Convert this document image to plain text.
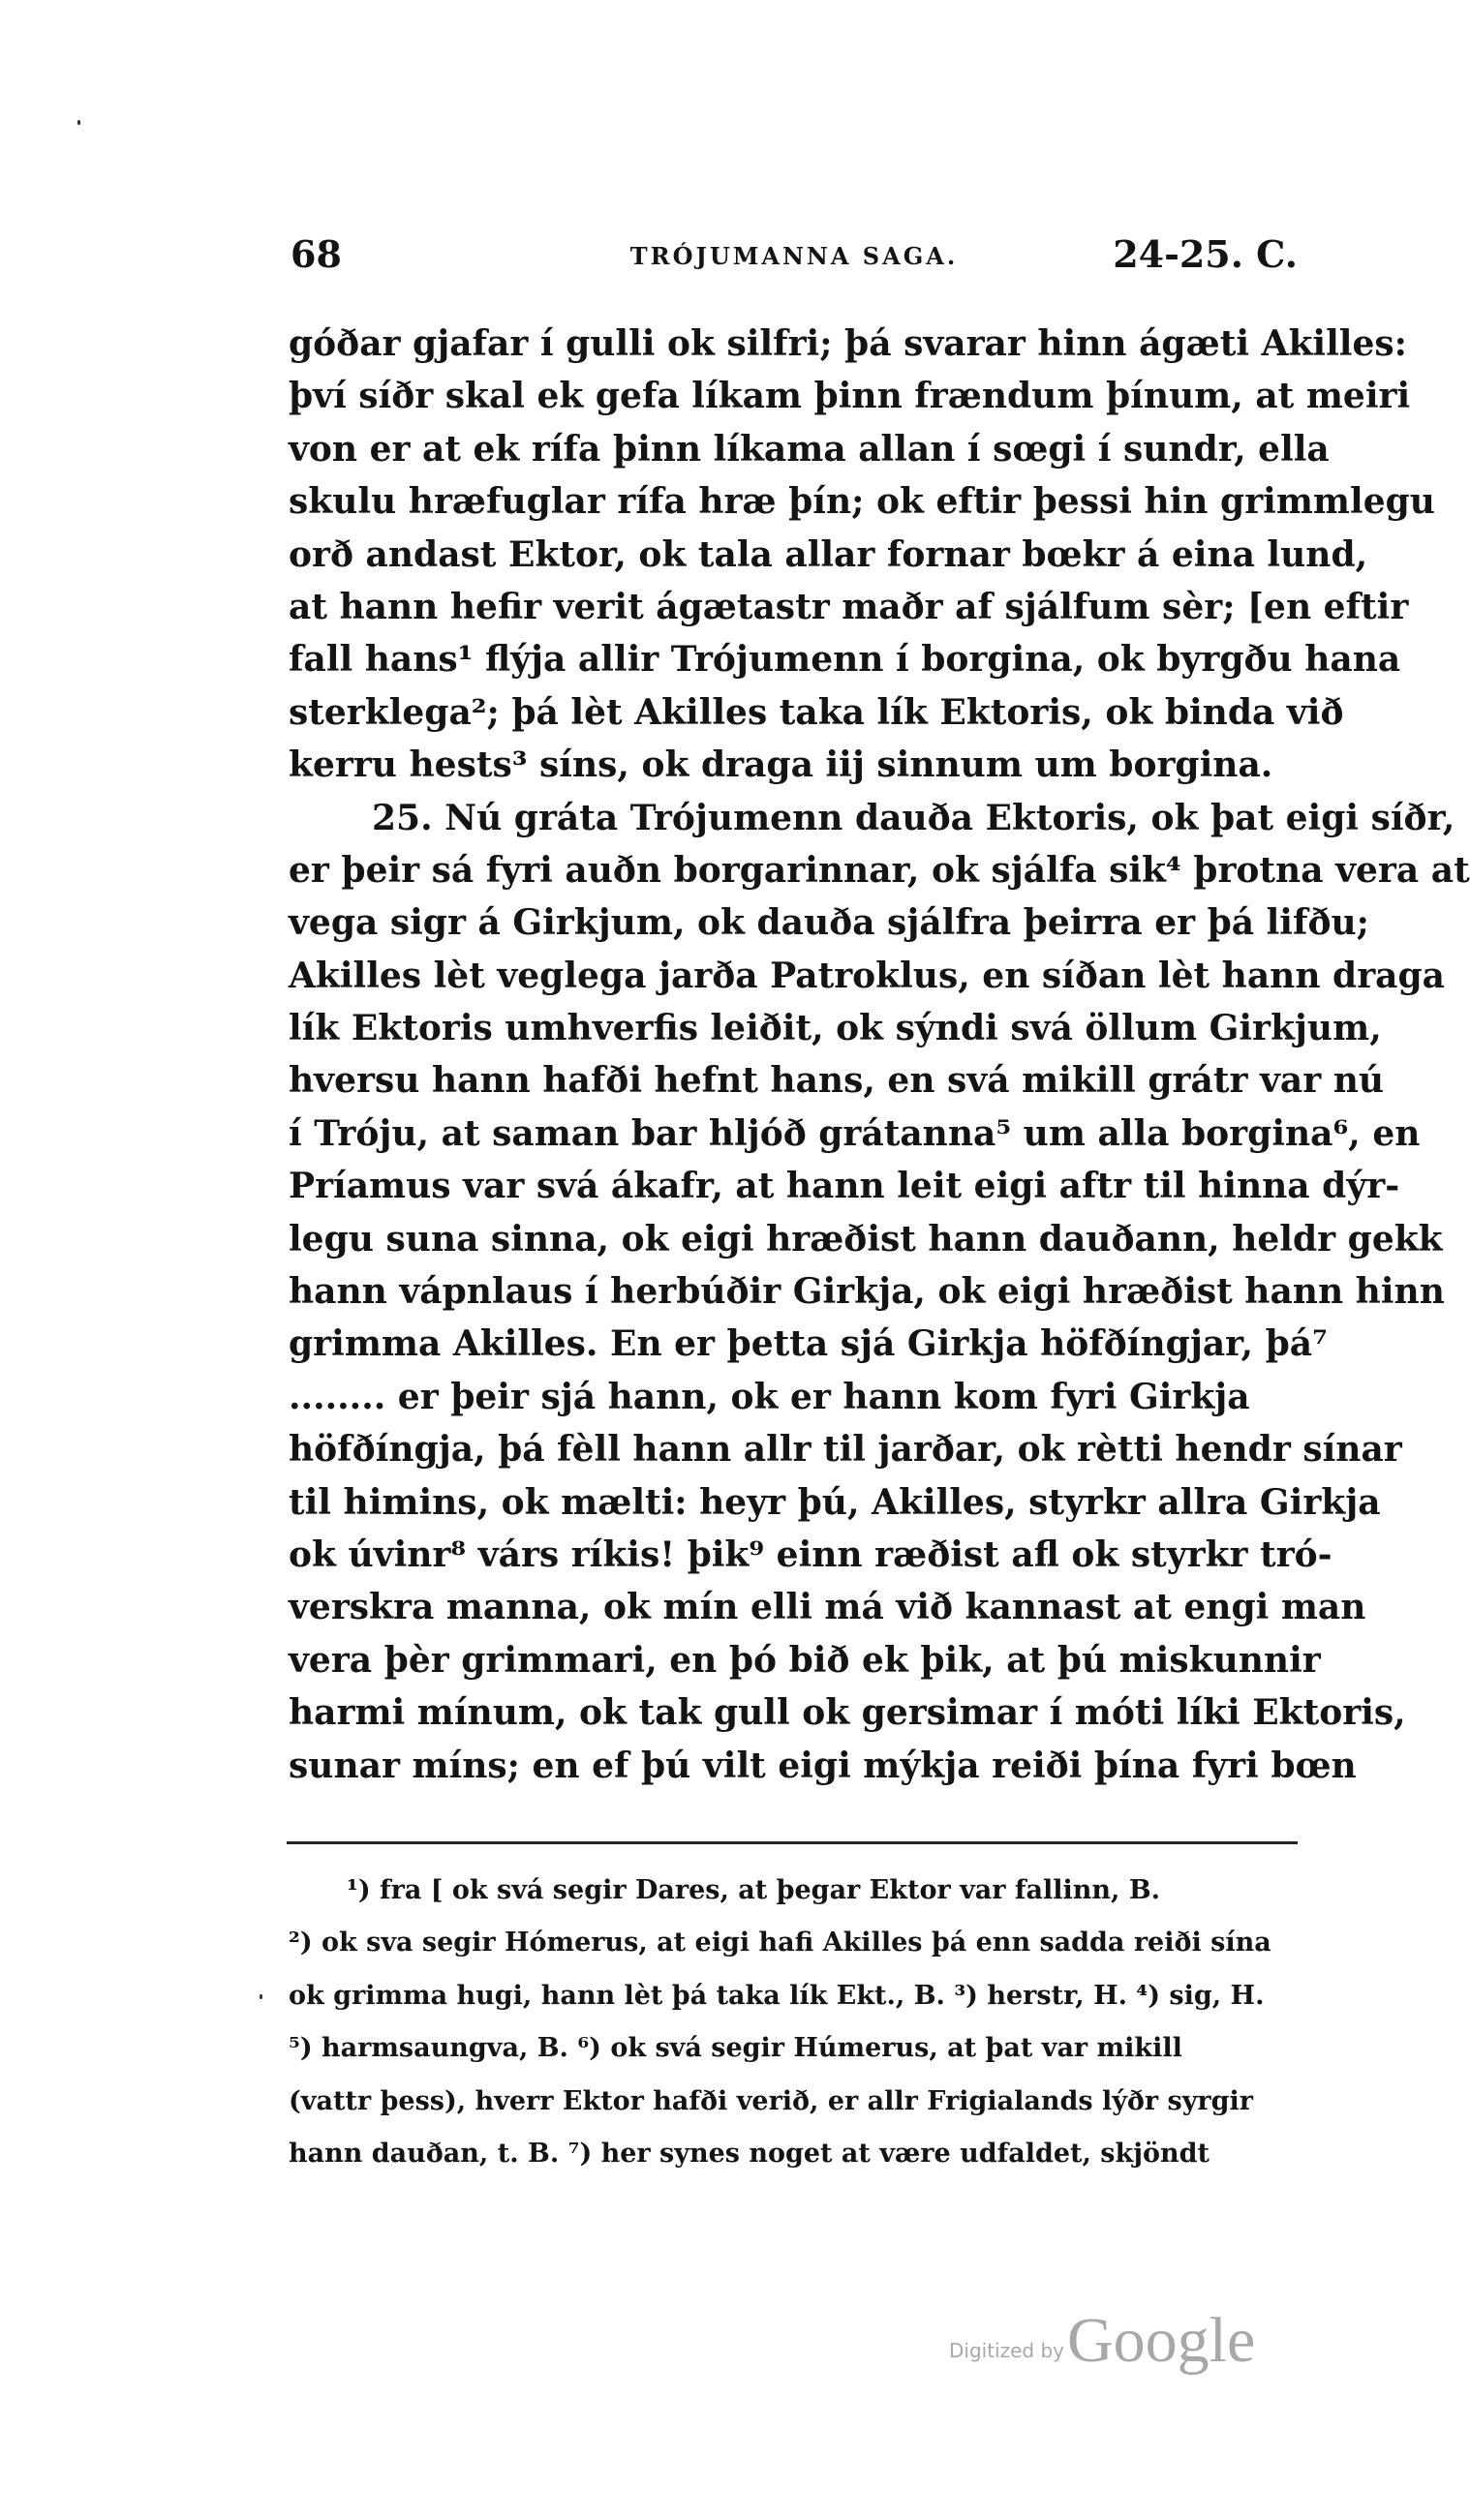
68	TRÓJUMANNA SAGA.	24-25. C.
góðar gjafar í gulli ok silfri; þá svarar hinn ágæti Akilles:
því síðr skal ek gefa líkam þinn frændum þínum, at meiri
von er at ek rífa þinn líkama allan í sœgi í sundr, ella
skulu hræfuglar rífa hræ þín; ok eftir þessi hin grimmlegu
orð andast Ektor, ok tala allar fornar bœkr á eina lund,
at hann hefir verit ágætastr maðr af sjálfum sèr; [en eftir
fall hans¹ flýja allir Trójumenn í borgina, ok byrgðu hana
sterklega²; þá lèt Akilles taka lík Ektoris, ok binda við
kerru hests³ síns, ok draga iij sinnum um borgina.
25. Nú gráta Trójumenn dauða Ektoris, ok þat eigi síðr,
er þeir sá fyri auðn borgarinnar, ok sjálfa sik⁴ þrotna vera at
vega sigr á Girkjum, ok dauða sjálfra þeirra er þá lifðu;
Akilles lèt veglega jarða Patroklus, en síðan lèt hann draga
lík Ektoris umhverfis leiðit, ok sýndi svá öllum Girkjum,
hversu hann hafði hefnt hans, en svá mikill grátr var nú
í Tróju, at saman bar hljóð grátanna⁵ um alla borgina⁶, en
Príamus var svá ákafr, at hann leit eigi aftr til hinna dýr-
legu suna sinna, ok eigi hræðist hann dauðann, heldr gekk
hann vápnlaus í herbúðir Girkja, ok eigi hræðist hann hinn
grimma Akilles. En er þetta sjá Girkja höfðíngjar, þá⁷
........ er þeir sjá hann, ok er hann kom fyri Girkja
höfðíngja, þá fèll hann allr til jarðar, ok rètti hendr sínar
til himins, ok mælti: heyr þú, Akilles, styrkr allra Girkja
ok úvinr⁸ várs ríkis! þik⁹ einn ræðist afl ok styrkr tró-
verskra manna, ok mín elli má við kannast at engi man
vera þèr grimmari, en þó bið ek þik, at þú miskunnir
harmi mínum, ok tak gull ok gersimar í móti líki Ektoris,
sunar míns; en ef þú vilt eigi mýkja reiði þína fyri bœn
¹) fra [ ok svá segir Dares, at þegar Ektor var fallinn, B.
²) ok sva segir Hómerus, at eigi hafi Akilles þá enn sadda reiði sína
ok grimma hugi, hann lèt þá taka lík Ekt., B. ³) herstr, H. ⁴) sig, H.
⁵) harmsaungva, B. ⁶) ok svá segir Húmerus, at þat var mikill
(vattr þess), hverr Ektor hafði verið, er allr Frigialands lýðr syrgir
hann dauðan, t. B. ⁷) her synes noget at være udfaldet, skjöndt
Digitized by Google
